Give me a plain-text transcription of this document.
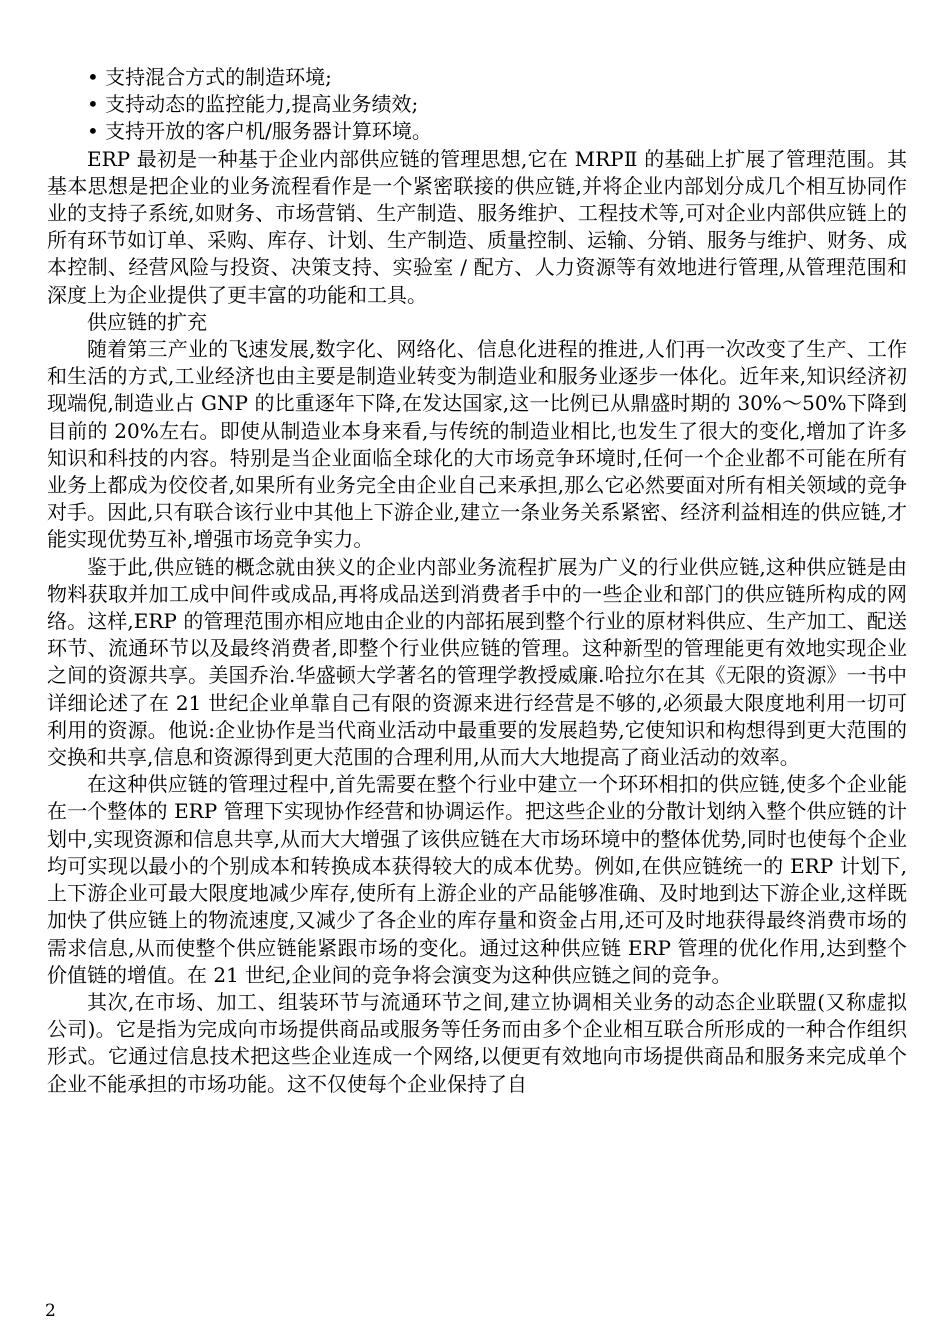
• 支持混合方式的制造环境;
• 支持动态的监控能力,提高业务绩效;
• 支持开放的客户机/服务器计算环境。

ERP 最初是一种基于企业内部供应链的管理思想,它在 MRPⅡ 的基础上扩展了管理范围。其基本思想是把企业的业务流程看作是一个紧密联接的供应链,并将企业内部划分成几个相互协同作业的支持子系统,如财务、市场营销、生产制造、服务维护、工程技术等,可对企业内部供应链上的所有环节如订单、采购、库存、计划、生产制造、质量控制、运输、分销、服务与维护、财务、成本控制、经营风险与投资、决策支持、实验室 / 配方、人力资源等有效地进行管理,从管理范围和深度上为企业提供了更丰富的功能和工具。

供应链的扩充

随着第三产业的飞速发展,数字化、网络化、信息化进程的推进,人们再一次改变了生产、工作和生活的方式,工业经济也由主要是制造业转变为制造业和服务业逐步一体化。近年来,知识经济初现端倪,制造业占 GNP 的比重逐年下降,在发达国家,这一比例已从鼎盛时期的 30%～50%下降到目前的 20%左右。即使从制造业本身来看,与传统的制造业相比,也发生了很大的变化,增加了许多知识和科技的内容。特别是当企业面临全球化的大市场竞争环境时,任何一个企业都不可能在所有业务上都成为佼佼者,如果所有业务完全由企业自己来承担,那么它必然要面对所有相关领域的竞争对手。因此,只有联合该行业中其他上下游企业,建立一条业务关系紧密、经济利益相连的供应链,才能实现优势互补,增强市场竞争实力。

鉴于此,供应链的概念就由狭义的企业内部业务流程扩展为广义的行业供应链,这种供应链是由物料获取并加工成中间件或成品,再将成品送到消费者手中的一些企业和部门的供应链所构成的网络。这样,ERP 的管理范围亦相应地由企业的内部拓展到整个行业的原材料供应、生产加工、配送环节、流通环节以及最终消费者,即整个行业供应链的管理。这种新型的管理能更有效地实现企业之间的资源共享。美国乔治.华盛顿大学著名的管理学教授威廉.哈拉尔在其《无限的资源》一书中详细论述了在 21 世纪企业单靠自己有限的资源来进行经营是不够的,必须最大限度地利用一切可利用的资源。他说:企业协作是当代商业活动中最重要的发展趋势,它使知识和构想得到更大范围的交换和共享,信息和资源得到更大范围的合理利用,从而大大地提高了商业活动的效率。

在这种供应链的管理过程中,首先需要在整个行业中建立一个环环相扣的供应链,使多个企业能在一个整体的 ERP 管理下实现协作经营和协调运作。把这些企业的分散计划纳入整个供应链的计划中,实现资源和信息共享,从而大大增强了该供应链在大市场环境中的整体优势,同时也使每个企业均可实现以最小的个别成本和转换成本获得较大的成本优势。例如,在供应链统一的 ERP 计划下,上下游企业可最大限度地减少库存,使所有上游企业的产品能够准确、及时地到达下游企业,这样既加快了供应链上的物流速度,又减少了各企业的库存量和资金占用,还可及时地获得最终消费市场的需求信息,从而使整个供应链能紧跟市场的变化。通过这种供应链 ERP 管理的优化作用,达到整个价值链的增值。在 21 世纪,企业间的竞争将会演变为这种供应链之间的竞争。

其次,在市场、加工、组装环节与流通环节之间,建立协调相关业务的动态企业联盟(又称虚拟公司)。它是指为完成向市场提供商品或服务等任务而由多个企业相互联合所形成的一种合作组织形式。它通过信息技术把这些企业连成一个网络,以便更有效地向市场提供商品和服务来完成单个企业不能承担的市场功能。这不仅使每个企业保持了自

2
